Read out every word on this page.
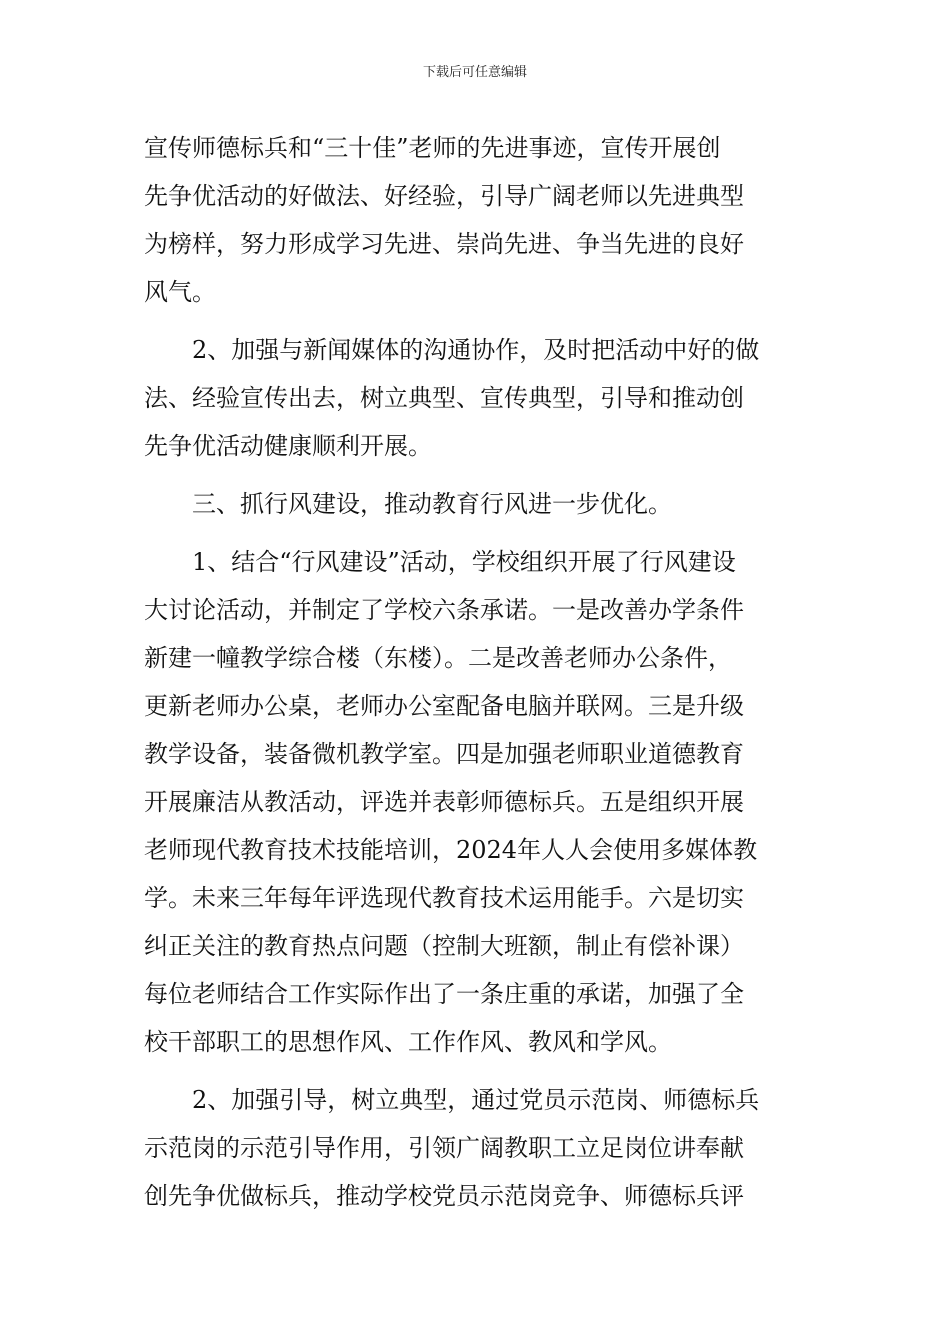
下载后可任意编辑
宣传师德标兵和“三十佳”老师的先进事迹，宣传开展创
先争优活动的好做法、好经验，引导广阔老师以先进典型
为榜样，努力形成学习先进、崇尚先进、争当先进的良好
风气。
　　2、加强与新闻媒体的沟通协作，及时把活动中好的做
法、经验宣传出去，树立典型、宣传典型，引导和推动创
先争优活动健康顺利开展。
　　三、抓行风建设，推动教育行风进一步优化。
　　1、结合“行风建设”活动，学校组织开展了行风建设
大讨论活动，并制定了学校六条承诺。一是改善办学条件
新建一幢教学综合楼（东楼）。二是改善老师办公条件，
更新老师办公桌，老师办公室配备电脑并联网。三是升级
教学设备，装备微机教学室。四是加强老师职业道德教育
开展廉洁从教活动，评选并表彰师德标兵。五是组织开展
老师现代教育技术技能培训，2024年人人会使用多媒体教
学。未来三年每年评选现代教育技术运用能手。六是切实
纠正关注的教育热点问题（控制大班额，制止有偿补课）
每位老师结合工作实际作出了一条庄重的承诺，加强了全
校干部职工的思想作风、工作作风、教风和学风。
　　2、加强引导，树立典型，通过党员示范岗、师德标兵
示范岗的示范引导作用，引领广阔教职工立足岗位讲奉献
创先争优做标兵，推动学校党员示范岗竞争、师德标兵评
